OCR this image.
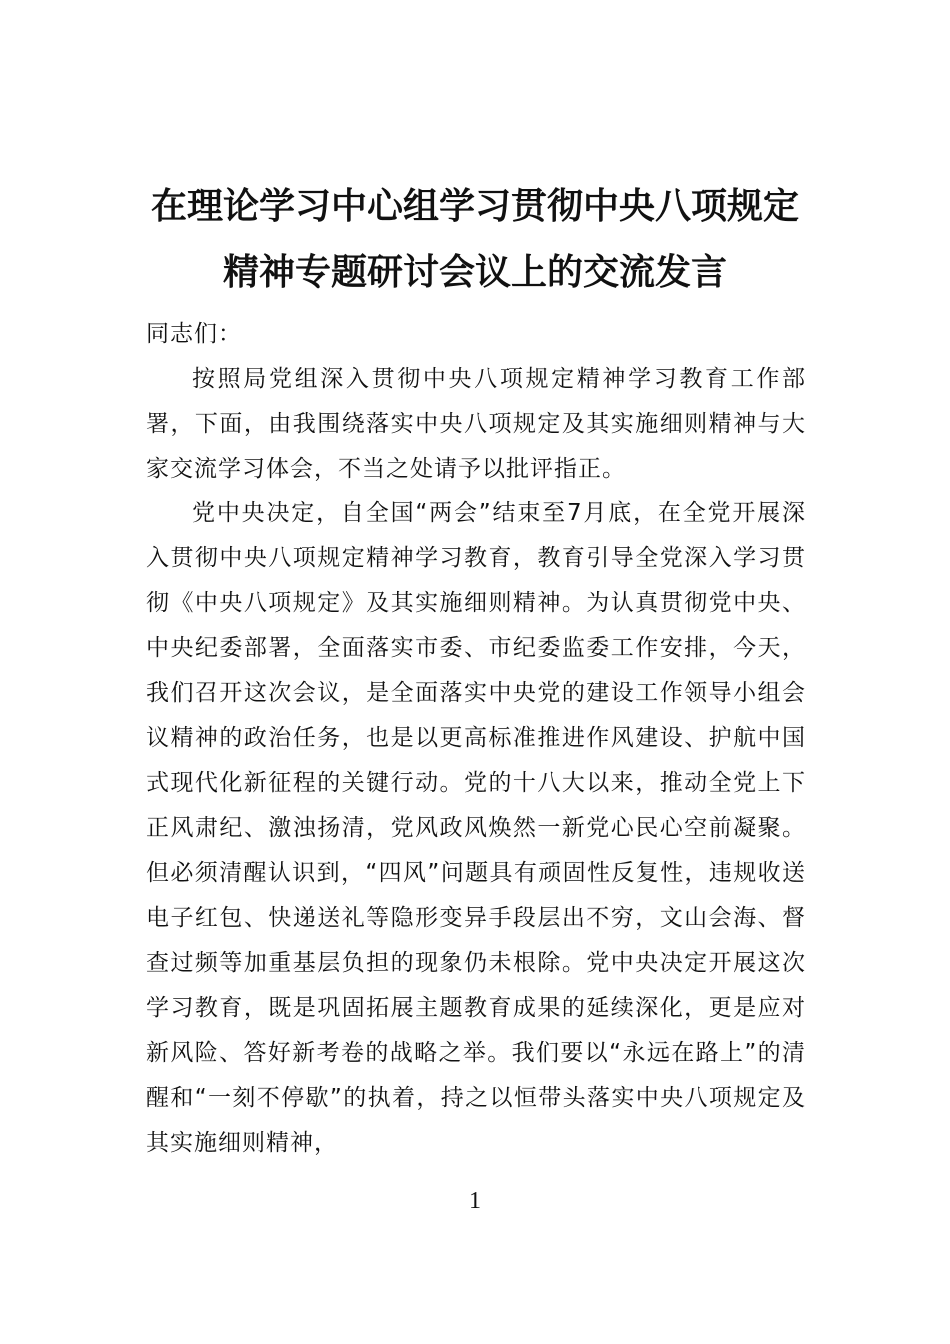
在理论学习中心组学习贯彻中央八项规定
精神专题研讨会议上的交流发言
同志们：

按照局党组深入贯彻中央八项规定精神学习教育工作部署，下面，由我围绕落实中央八项规定及其实施细则精神与大家交流学习体会，不当之处请予以批评指正。

党中央决定，自全国“两会”结束至7月底，在全党开展深入贯彻中央八项规定精神学习教育，教育引导全党深入学习贯彻《中央八项规定》及其实施细则精神。为认真贯彻党中央、中央纪委部署，全面落实市委、市纪委监委工作安排，今天，我们召开这次会议，是全面落实中央党的建设工作领导小组会议精神的政治任务，也是以更高标准推进作风建设、护航中国式现代化新征程的关键行动。党的十八大以来，推动全党上下正风肃纪、激浊扬清，党风政风焕然一新党心民心空前凝聚。但必须清醒认识到，“四风”问题具有顽固性反复性，违规收送电子红包、快递送礼等隐形变异手段层出不穷，文山会海、督查过频等加重基层负担的现象仍未根除。党中央决定开展这次学习教育，既是巩固拓展主题教育成果的延续深化，更是应对新风险、答好新考卷的战略之举。我们要以“永远在路上”的清醒和“一刻不停歇”的执着，持之以恒带头落实中央八项规定及其实施细则精神，

1
